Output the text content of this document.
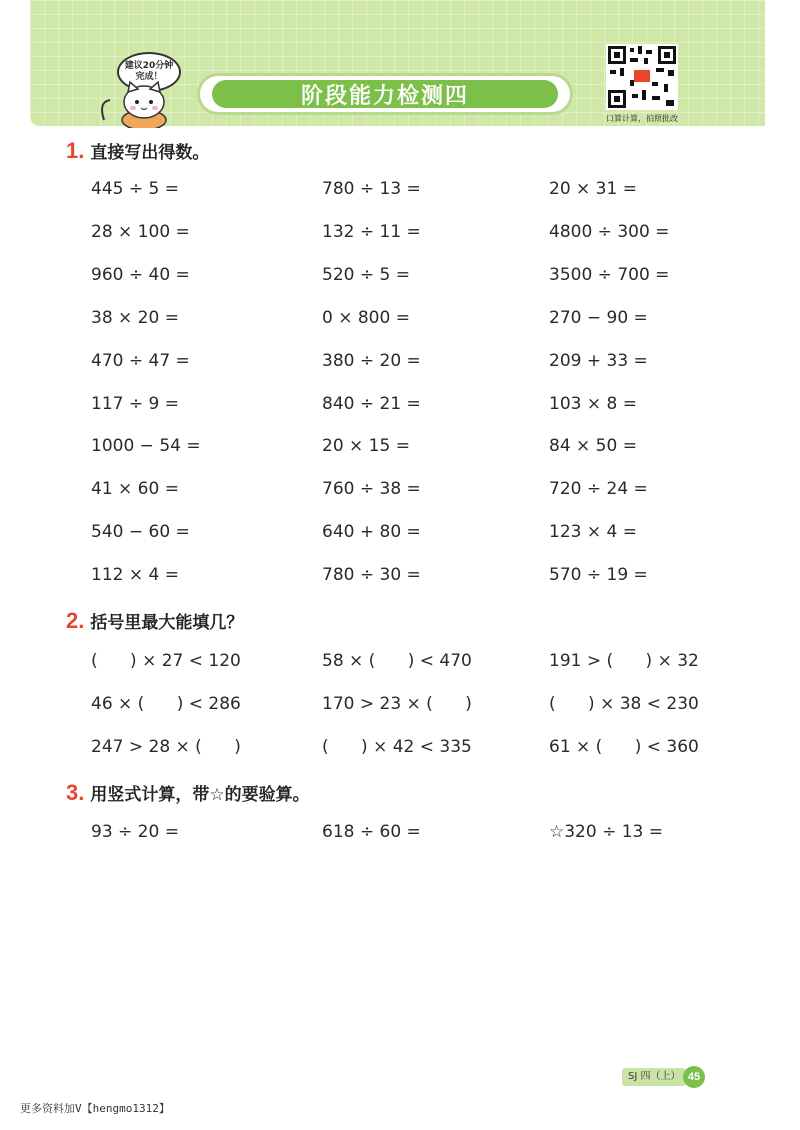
建议20分钟
完成！
阶段能力检测四
口算计算，拍照批改
1. 直接写出得数。
445 ÷ 5 =	780 ÷ 13 =	20 × 31 =
28 × 100 =	132 ÷ 11 =	4800 ÷ 300 =
960 ÷ 40 =	520 ÷ 5 =	3500 ÷ 700 =
38 × 20 =	0 × 800 =	270 − 90 =
470 ÷ 47 =	380 ÷ 20 =	209 + 33 =
117 ÷ 9 =	840 ÷ 21 =	103 × 8 =
1000 − 54 =	20 × 15 =	84 × 50 =
41 × 60 =	760 ÷ 38 =	720 ÷ 24 =
540 − 60 =	640 + 80 =	123 × 4 =
112 × 4 =	780 ÷ 30 =	570 ÷ 19 =
2. 括号里最大能填几？
(      ) × 27 < 120	58 × (      ) < 470	191 > (      ) × 32
46 × (      ) < 286	170 > 23 × (      )	(      ) × 38 < 230
247 > 28 × (      )	(      ) × 42 < 335	61 × (      ) < 360
3. 用竖式计算，带☆的要验算。
93 ÷ 20 =	618 ÷ 60 =	☆320 ÷ 13 =
SJ 四（上） 45
更多资料加V【hengmo1312】
